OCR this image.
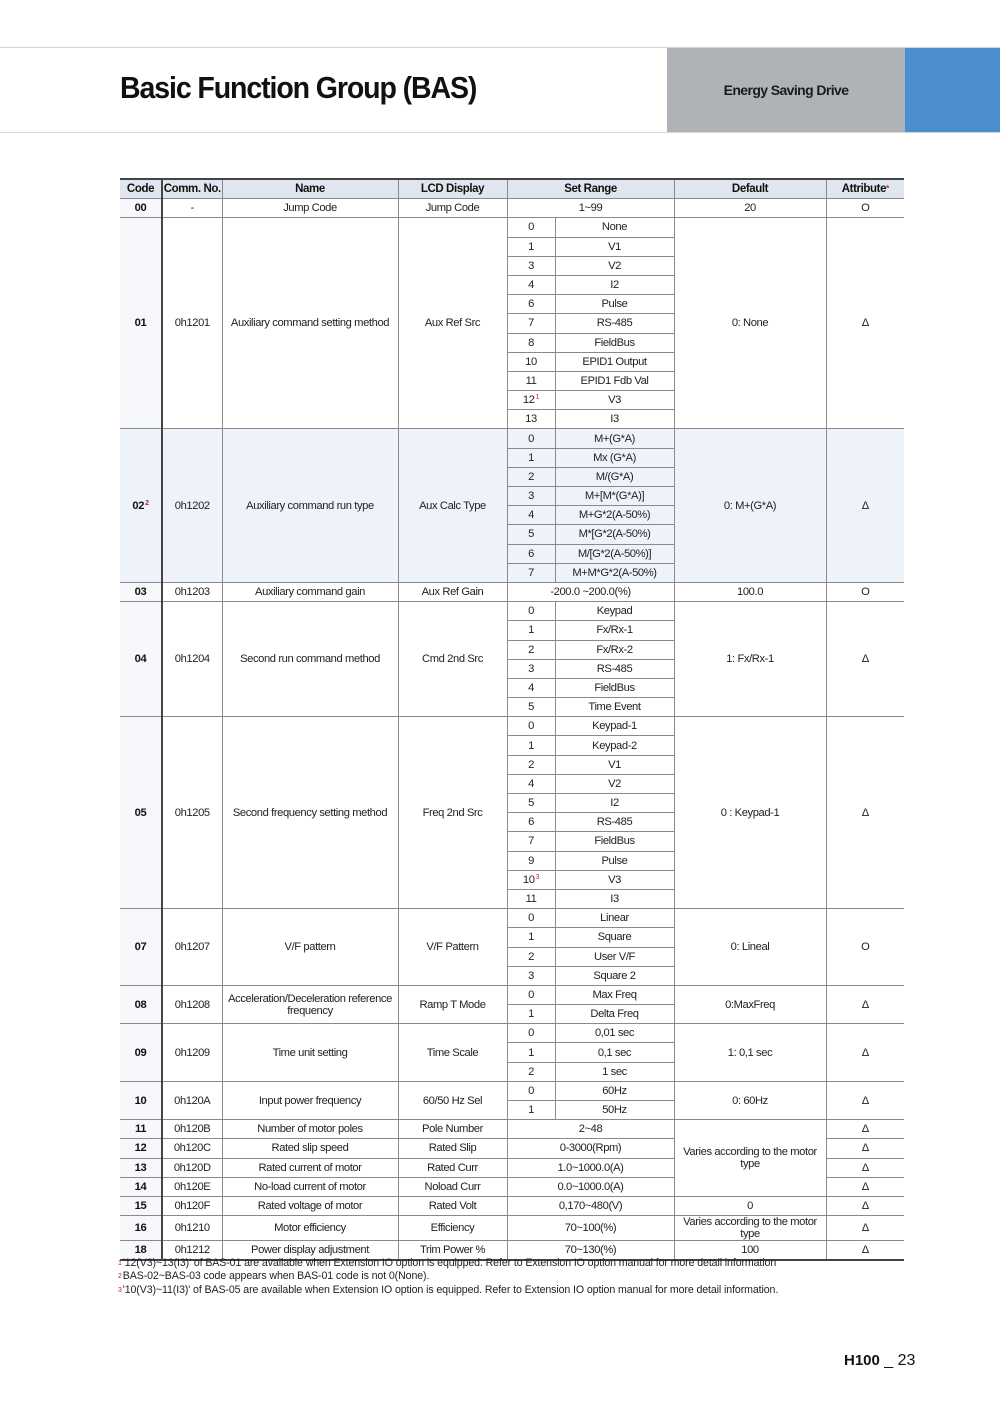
Basic Function Group (BAS)	Energy Saving Drive
Code	Comm. No.	Name	LCD Display	Set Range		Default	Attribute*
00	-	Jump Code	Jump Code	1~99		20	O
01	0h1201	Auxiliary command setting method	Aux Ref Src	0	None	0: None	Δ
				1	V1		
				3	V2		
				4	I2		
				6	Pulse		
				7	RS-485		
				8	FieldBus		
				10	EPID1 Output		
				11	EPID1 Fdb Val		
				12$^1$	V3		
				13	I3		
02$^2$	0h1202	Auxiliary command run type	Aux Calc Type	0	M+(G*A)	0: M+(G*A)	Δ
				1	Mx (G*A)		
				2	M/(G*A)		
				3	M+[M*(G*A)]		
				4	M+G*2(A-50%)		
				5	M*[G*2(A-50%)		
				6	M/[G*2(A-50%)]		
				7	M+M*G*2(A-50%)		
03	0h1203	Auxiliary command gain	Aux Ref Gain	-200.0 ~200.0(%)		100.0	O
04	0h1204	Second run command method	Cmd 2nd Src	0	Keypad	1: Fx/Rx-1	Δ
				1	Fx/Rx-1		
				2	Fx/Rx-2		
				3	RS-485		
				4	FieldBus		
				5	Time Event		
05	0h1205	Second frequency setting method	Freq 2nd Src	0	Keypad-1	0 : Keypad-1	Δ
				1	Keypad-2		
				2	V1		
				4	V2		
				5	I2		
				6	RS-485		
				7	FieldBus		
				9	Pulse		
				10$^3$	V3		
				11	I3		
07	0h1207	V/F pattern	V/F Pattern	0	Linear	0: Lineal	O
				1	Square		
				2	User V/F		
				3	Square 2		
08	0h1208	Acceleration/Deceleration reference frequency	Ramp T Mode	0	Max Freq	0:MaxFreq	Δ
				1	Delta Freq		
09	0h1209	Time unit setting	Time Scale	0	0,01 sec	1: 0,1 sec	Δ
				1	0,1 sec		
				2	1 sec		
10	0h120A	Input power frequency	60/50 Hz Sel	0	60Hz	0: 60Hz	Δ
				1	50Hz		
11	0h120B	Number of motor poles	Pole Number	2~48		Varies according to the motor type	Δ
12	0h120C	Rated slip speed	Rated Slip	0-3000(Rpm)			Δ
13	0h120D	Rated current of motor	Rated Curr	1.0~1000.0(A)			Δ
14	0h120E	No-load current of motor	Noload Curr	0.0~1000.0(A)			Δ
15	0h120F	Rated voltage of motor	Rated Volt	0,170~480(V)		0	Δ
16	0h1210	Motor efficiency	Efficiency	70~100(%)		Varies according to the motor type	Δ
18	0h1212	Power display adjustment	Trim Power %	70~130(%)		100	Δ
$^1$'12(V3)~13(I3)' of BAS-01 are available when Extension IO option is equipped. Refer to Extension IO option manual for more detail information
$^2$BAS-02~BAS-03 code appears when BAS-01 code is not 0(None).
$^3$'10(V3)~11(I3)' of BAS-05 are available when Extension IO option is equipped. Refer to Extension IO option manual for more detail information.
H100 _ 23
